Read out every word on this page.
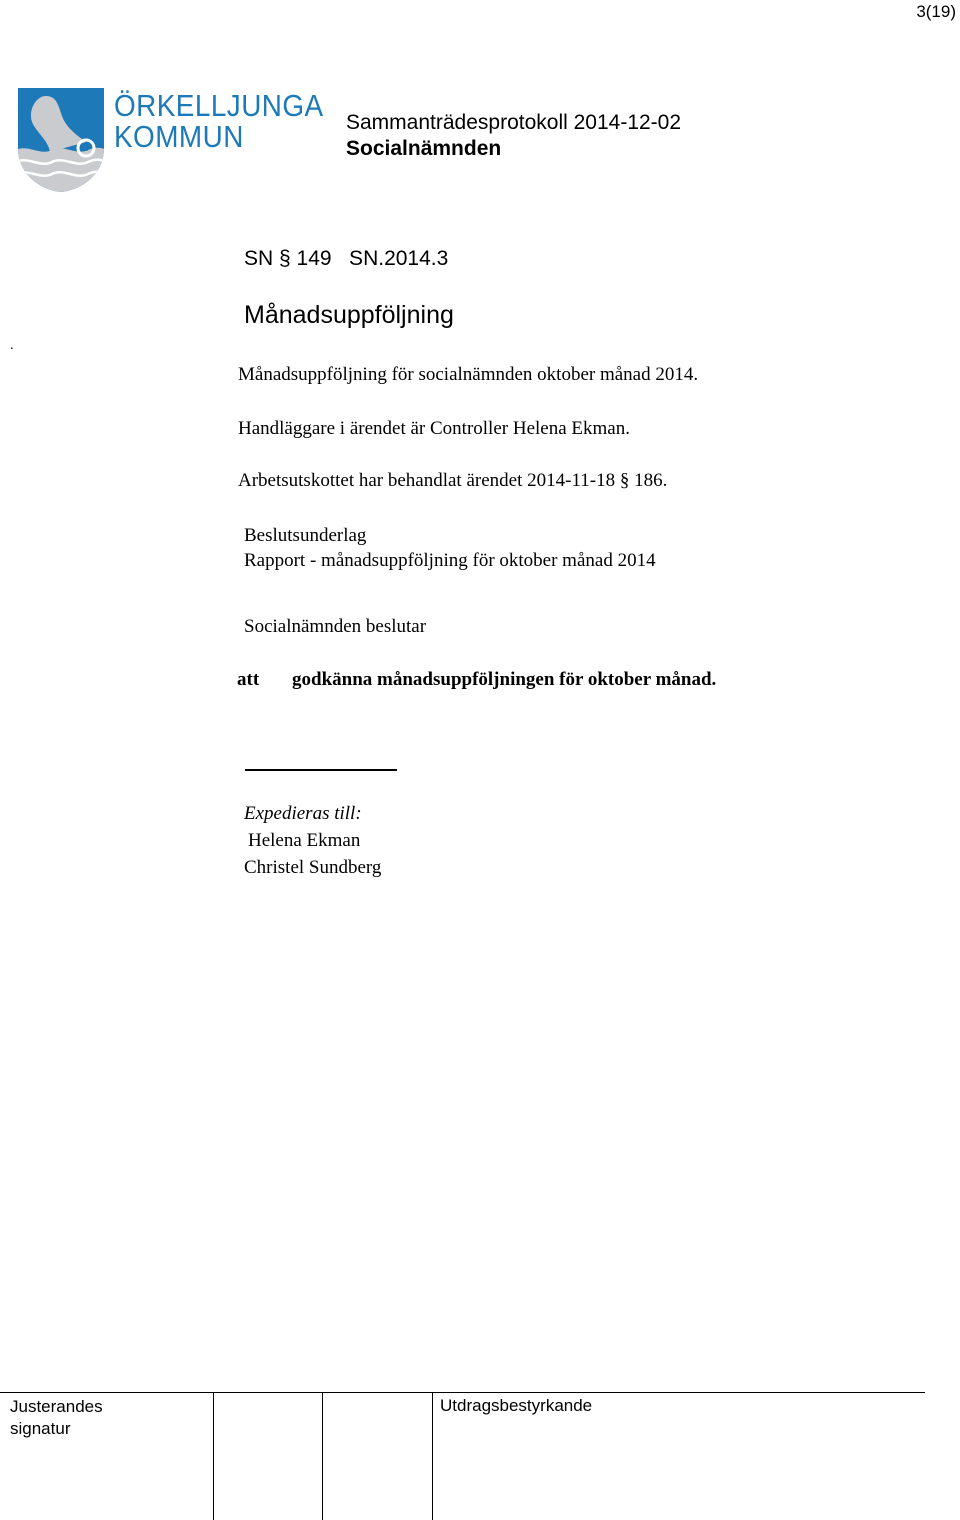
3(19)
ÖRKELLJUNGA
KOMMUN	Sammanträdesprotokoll 2014-12-02
Socialnämnden
SN § 149   SN.2014.3
Månadsuppföljning
.
Månadsuppföljning för socialnämnden oktober månad 2014.
Handläggare i ärendet är Controller Helena Ekman.
Arbetsutskottet har behandlat ärendet 2014-11-18 § 186.
Beslutsunderlag
Rapport - månadsuppföljning för oktober månad 2014
Socialnämnden beslutar
att godkänna månadsuppföljningen för oktober månad.
Expedieras till:
Helena Ekman
Christel Sundberg
Justerandes signatur
Utdragsbestyrkande
